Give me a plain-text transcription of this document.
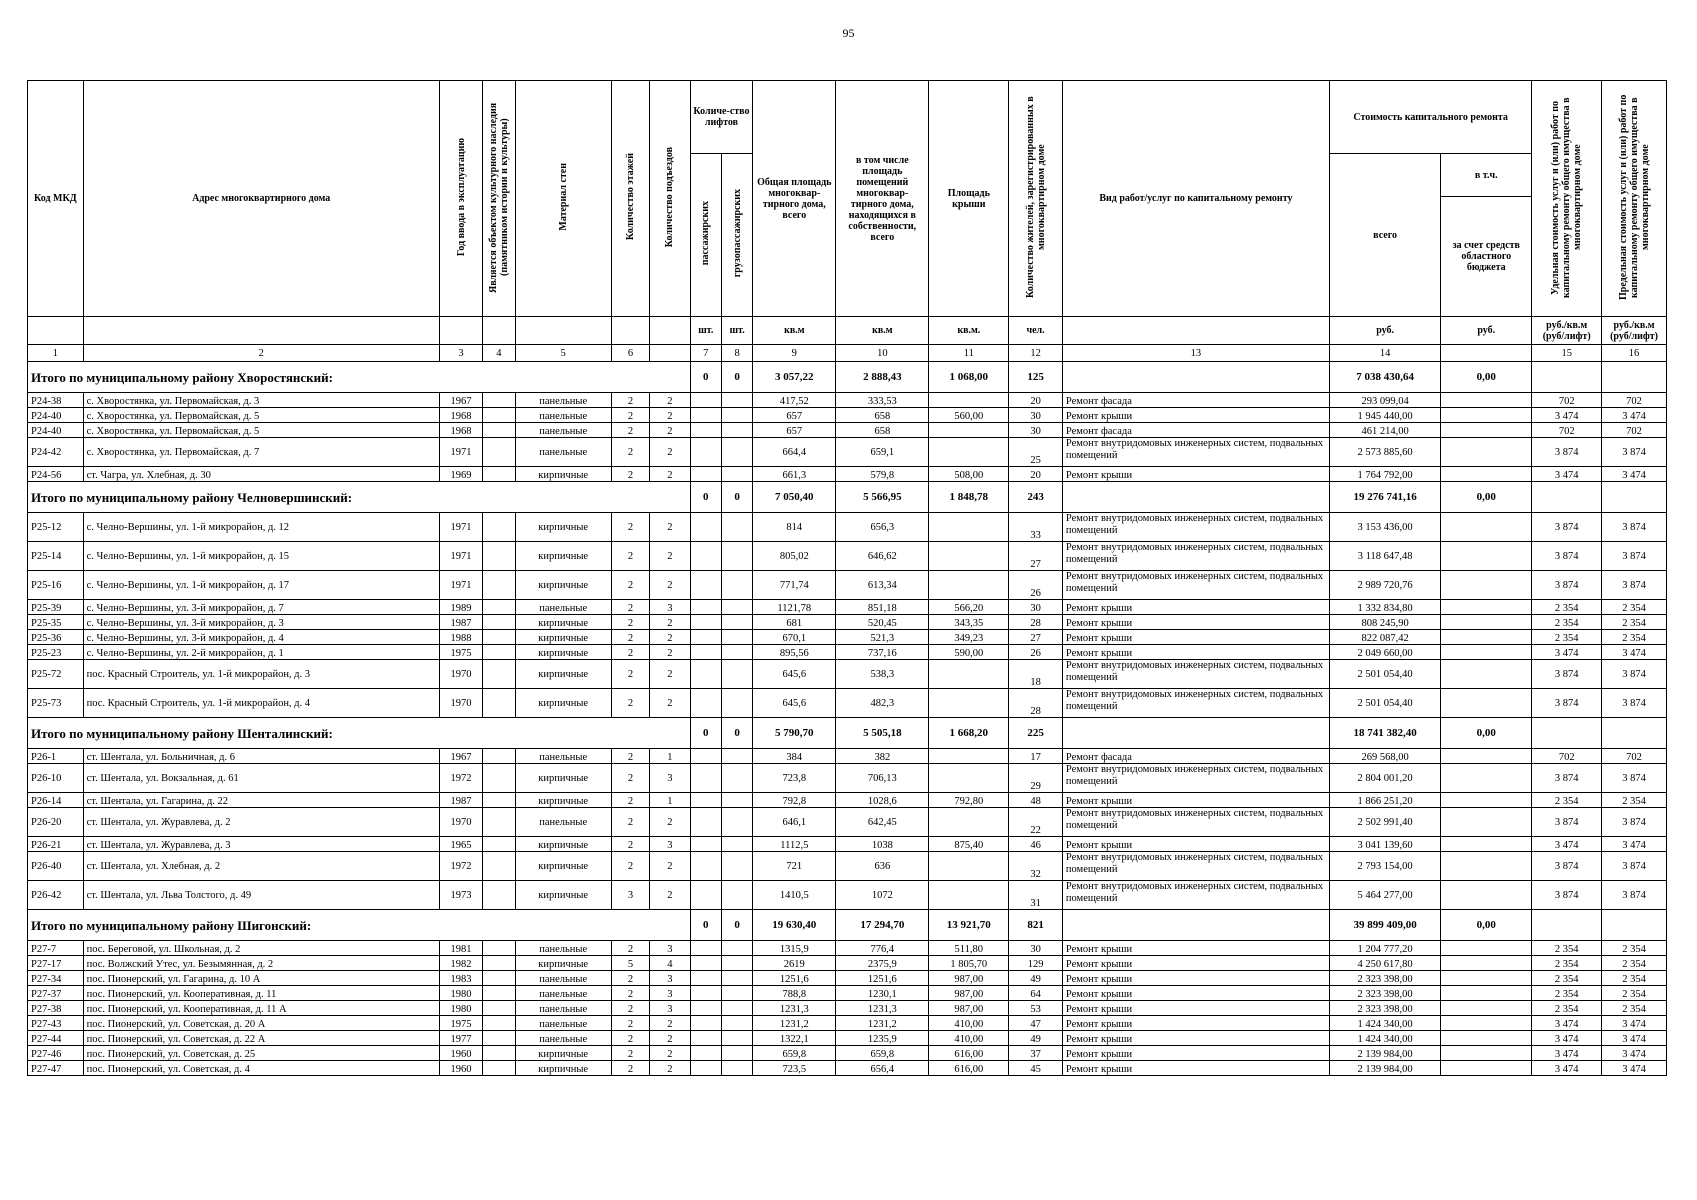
95
Код МКД	Адрес многоквартирного дома	Год ввода в эксплуатацию	Является объектом культурного наследия (памятником истории и культуры)	Материал стен	Количество этажей	Количество подъездов	Количе-ство лифтов		Общая площадь многоквар-тирного дома, всего	в том числе площадь помещений многоквар-тирного дома, находящихся в собственности, всего	Площадь крыши	Количество жителей, зарегистрированных в многоквартирном доме	Вид работ/услуг по капитальному ремонту	Стоимость капитального ремонта		Удельная стоимость услуг и (или) работ по капитальному ремонту общего имущества в многоквартирном доме	Предельная стоимость услуг и (или) работ по капитальному ремонту общего имущества в многоквартирном доме
							пассажирских	грузопассажирских						всего	в т.ч.		
															за счет средств областного бюджета		
							шт.	шт.	кв.м	кв.м	кв.м.	чел.		руб.	руб.	руб./кв.м (руб/лифт)	руб./кв.м (руб/лифт)
1	2	3	4	5	6		7	8	9	10	11	12	13	14		15	16
Итого по муниципальному району Хворостянский:							0	0	3 057,22	2 888,43	1 068,00	125		7 038 430,64	0,00		
Р24-38	с. Хворостянка, ул. Первомайская, д. 3	1967		панельные	2	2			417,52	333,53		20	Ремонт фасада	293 099,04		702	702
Р24-40	с. Хворостянка, ул. Первомайская, д. 5	1968		панельные	2	2			657	658	560,00	30	Ремонт крыши	1 945 440,00		3 474	3 474
Р24-40	с. Хворостянка, ул. Первомайская, д. 5	1968		панельные	2	2			657	658		30	Ремонт фасада	461 214,00		702	702
Р24-42	с. Хворостянка, ул. Первомайская, д. 7	1971		панельные	2	2			664,4	659,1		25	Ремонт внутридомовых инженерных систем, подвальных помещений	2 573 885,60		3 874	3 874
Р24-56	ст. Чагра, ул. Хлебная, д. 30	1969		кирпичные	2	2			661,3	579,8	508,00	20	Ремонт крыши	1 764 792,00		3 474	3 474
Итого по муниципальному району Челновершинский:							0	0	7 050,40	5 566,95	1 848,78	243		19 276 741,16	0,00		
Р25-12	с. Челно-Вершины, ул. 1-й микрорайон, д. 12	1971		кирпичные	2	2			814	656,3		33	Ремонт внутридомовых инженерных систем, подвальных помещений	3 153 436,00		3 874	3 874
Р25-14	с. Челно-Вершины, ул. 1-й микрорайон, д. 15	1971		кирпичные	2	2			805,02	646,62		27	Ремонт внутридомовых инженерных систем, подвальных помещений	3 118 647,48		3 874	3 874
Р25-16	с. Челно-Вершины, ул. 1-й микрорайон, д. 17	1971		кирпичные	2	2			771,74	613,34		26	Ремонт внутридомовых инженерных систем, подвальных помещений	2 989 720,76		3 874	3 874
Р25-39	с. Челно-Вершины, ул. 3-й микрорайон, д. 7	1989		панельные	2	3			1121,78	851,18	566,20	30	Ремонт крыши	1 332 834,80		2 354	2 354
Р25-35	с. Челно-Вершины, ул. 3-й микрорайон, д. 3	1987		кирпичные	2	2			681	520,45	343,35	28	Ремонт крыши	808 245,90		2 354	2 354
Р25-36	с. Челно-Вершины, ул. 3-й микрорайон, д. 4	1988		кирпичные	2	2			670,1	521,3	349,23	27	Ремонт крыши	822 087,42		2 354	2 354
Р25-23	с. Челно-Вершины, ул. 2-й микрорайон, д. 1	1975		кирпичные	2	2			895,56	737,16	590,00	26	Ремонт крыши	2 049 660,00		3 474	3 474
Р25-72	пос. Красный Строитель, ул. 1-й микрорайон, д. 3	1970		кирпичные	2	2			645,6	538,3		18	Ремонт внутридомовых инженерных систем, подвальных помещений	2 501 054,40		3 874	3 874
Р25-73	пос. Красный Строитель, ул. 1-й микрорайон, д. 4	1970		кирпичные	2	2			645,6	482,3		28	Ремонт внутридомовых инженерных систем, подвальных помещений	2 501 054,40		3 874	3 874
Итого по муниципальному району Шенталинский:							0	0	5 790,70	5 505,18	1 668,20	225		18 741 382,40	0,00		
Р26-1	ст. Шентала, ул. Больничная, д. 6	1967		панельные	2	1			384	382		17	Ремонт фасада	269 568,00		702	702
Р26-10	ст. Шентала, ул. Вокзальная, д. 61	1972		кирпичные	2	3			723,8	706,13		29	Ремонт внутридомовых инженерных систем, подвальных помещений	2 804 001,20		3 874	3 874
Р26-14	ст. Шентала, ул. Гагарина, д. 22	1987		кирпичные	2	1			792,8	1028,6	792,80	48	Ремонт крыши	1 866 251,20		2 354	2 354
Р26-20	ст. Шентала, ул. Журавлева, д. 2	1970		панельные	2	2			646,1	642,45		22	Ремонт внутридомовых инженерных систем, подвальных помещений	2 502 991,40		3 874	3 874
Р26-21	ст. Шентала, ул. Журавлева, д. 3	1965		кирпичные	2	3			1112,5	1038	875,40	46	Ремонт крыши	3 041 139,60		3 474	3 474
Р26-40	ст. Шентала, ул. Хлебная, д. 2	1972		кирпичные	2	2			721	636		32	Ремонт внутридомовых инженерных систем, подвальных помещений	2 793 154,00		3 874	3 874
Р26-42	ст. Шентала, ул. Льва Толстого, д. 49	1973		кирпичные	3	2			1410,5	1072		31	Ремонт внутридомовых инженерных систем, подвальных помещений	5 464 277,00		3 874	3 874
Итого по муниципальному району Шигонский:							0	0	19 630,40	17 294,70	13 921,70	821		39 899 409,00	0,00		
Р27-7	пос. Береговой, ул. Школьная, д. 2	1981		панельные	2	3			1315,9	776,4	511,80	30	Ремонт крыши	1 204 777,20		2 354	2 354
Р27-17	пос. Волжский Утес, ул. Безымянная, д. 2	1982		кирпичные	5	4			2619	2375,9	1 805,70	129	Ремонт крыши	4 250 617,80		2 354	2 354
Р27-34	пос. Пионерский, ул. Гагарина, д. 10 А	1983		панельные	2	3			1251,6	1251,6	987,00	49	Ремонт крыши	2 323 398,00		2 354	2 354
Р27-37	пос. Пионерский, ул. Кооперативная, д. 11	1980		панельные	2	3			788,8	1230,1	987,00	64	Ремонт крыши	2 323 398,00		2 354	2 354
Р27-38	пос. Пионерский, ул. Кооперативная, д. 11 А	1980		панельные	2	3			1231,3	1231,3	987,00	53	Ремонт крыши	2 323 398,00		2 354	2 354
Р27-43	пос. Пионерский, ул. Советская, д. 20 А	1975		панельные	2	2			1231,2	1231,2	410,00	47	Ремонт крыши	1 424 340,00		3 474	3 474
Р27-44	пос. Пионерский, ул. Советская, д. 22 А	1977		панельные	2	2			1322,1	1235,9	410,00	49	Ремонт крыши	1 424 340,00		3 474	3 474
Р27-46	пос. Пионерский, ул. Советская, д. 25	1960		кирпичные	2	2			659,8	659,8	616,00	37	Ремонт крыши	2 139 984,00		3 474	3 474
Р27-47	пос. Пионерский, ул. Советская, д. 4	1960		кирпичные	2	2			723,5	656,4	616,00	45	Ремонт крыши	2 139 984,00		3 474	3 474
